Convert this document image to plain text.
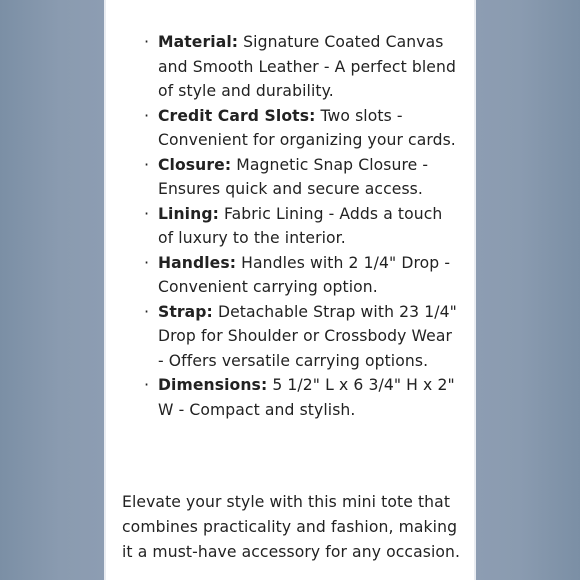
· Material: Signature Coated Canvas and Smooth Leather - A perfect blend of style and durability.
· Credit Card Slots: Two slots - Convenient for organizing your cards.
· Closure: Magnetic Snap Closure - Ensures quick and secure access.
· Lining: Fabric Lining - Adds a touch of luxury to the interior.
· Handles: Handles with 2 1/4" Drop - Convenient carrying option.
· Strap: Detachable Strap with 23 1/4" Drop for Shoulder or Crossbody Wear - Offers versatile carrying options.
· Dimensions: 5 1/2" L x 6 3/4" H x 2" W - Compact and stylish.

Elevate your style with this mini tote that combines practicality and fashion, making it a must-have accessory for any occasion.
